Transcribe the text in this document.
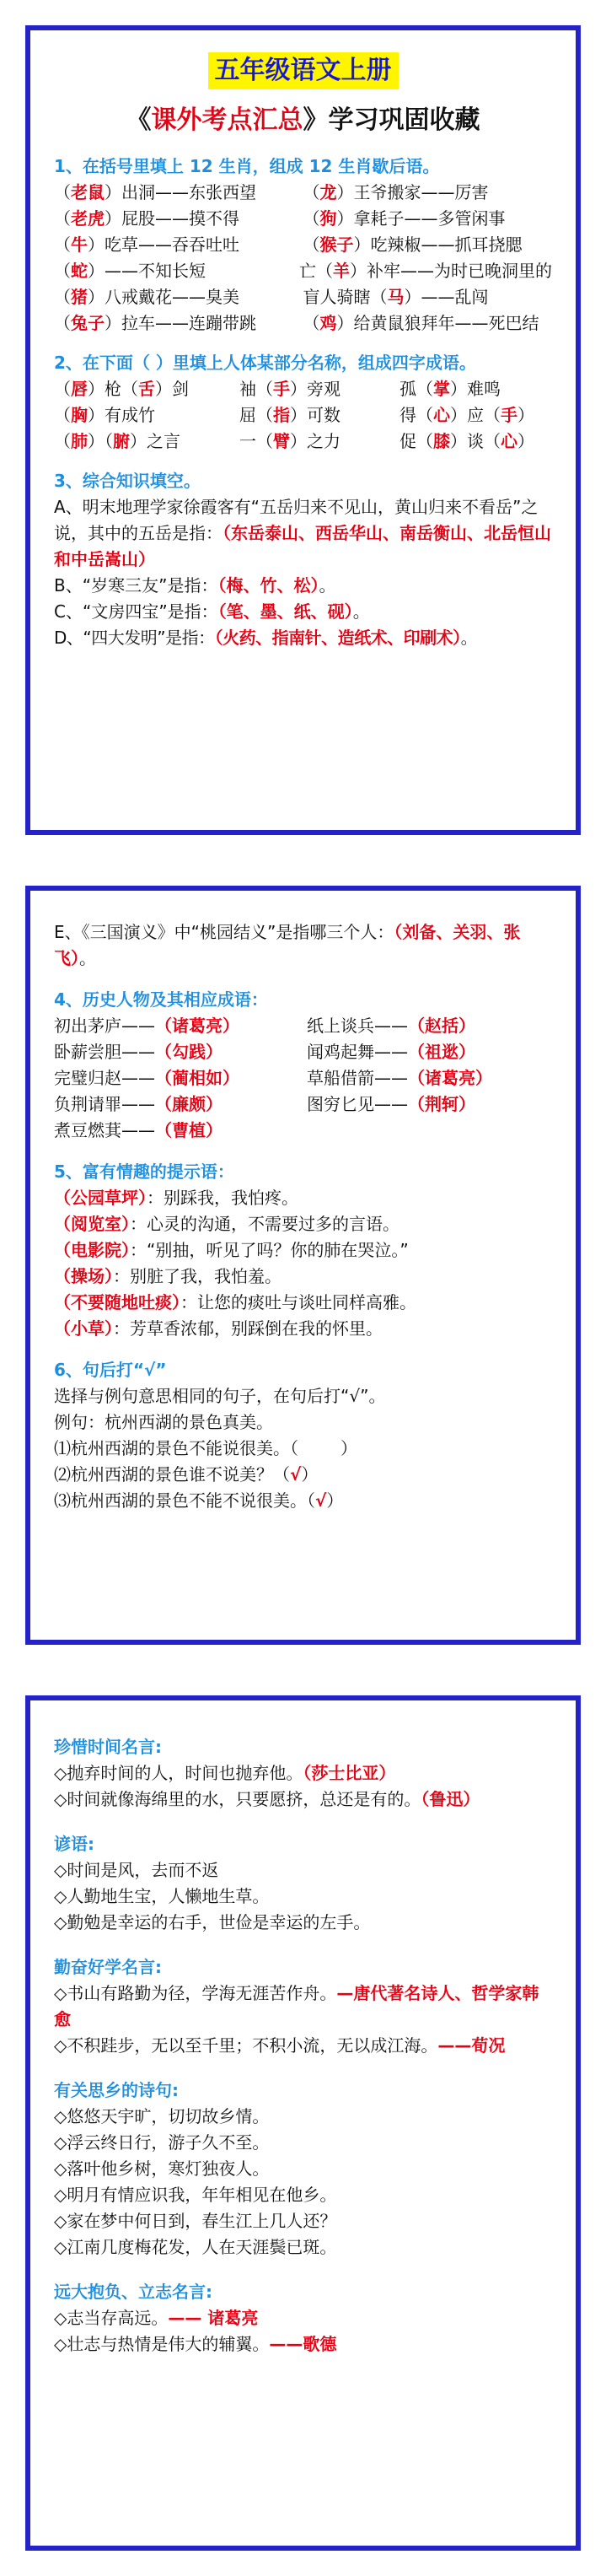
五年级语文上册
《课外考点汇总》学习巩固收藏
1、在括号里填上 12 生肖，组成 12 生肖歇后语。
（老鼠）出洞——东张西望	（龙）王爷搬家——厉害
（老虎）屁股——摸不得	（狗）拿耗子——多管闲事
（牛）吃草——吞吞吐吐	（猴子）吃辣椒——抓耳挠腮
（蛇）——不知长短	亡（羊）补牢——为时已晚洞里的
（猪）八戒戴花——臭美	盲人骑瞎（马）——乱闯
（兔子）拉车——连蹦带跳	（鸡）给黄鼠狼拜年——死巴结
2、在下面（ ）里填上人体某部分名称，组成四字成语。
（唇）枪（舌）剑	袖（手）旁观	孤（掌）难鸣
（胸）有成竹	屈（指）可数	得（心）应（手）
（肺）（腑）之言	一（臂）之力	促（膝）谈（心）
3、综合知识填空。
A、明末地理学家徐霞客有“五岳归来不见山，黄山归来不看岳”之说，其中的五岳是指：（东岳泰山、西岳华山、南岳衡山、北岳恒山和中岳嵩山）
B、“岁寒三友”是指：（梅、竹、松）。
C、“文房四宝”是指：（笔、墨、纸、砚）。
D、“四大发明”是指：（火药、指南针、造纸术、印刷术）。
E、《三国演义》中“桃园结义”是指哪三个人：（刘备、关羽、张飞）。
4、历史人物及其相应成语：
初出茅庐——（诸葛亮）	纸上谈兵——（赵括）
卧薪尝胆——（勾践）	闻鸡起舞——（祖逖）
完璧归赵——（蔺相如）	草船借箭——（诸葛亮）
负荆请罪——（廉颇）	图穷匕见——（荆轲）
煮豆燃萁——（曹植）
5、富有情趣的提示语：
（公园草坪）：别踩我，我怕疼。
（阅览室）：心灵的沟通，不需要过多的言语。
（电影院）：“别抽，听见了吗？你的肺在哭泣。”
（操场）：别脏了我，我怕羞。
（不要随地吐痰）：让您的痰吐与谈吐同样高雅。
（小草）：芳草香浓郁，别踩倒在我的怀里。
6、句后打“√”
选择与例句意思相同的句子，在句后打“√”。
例句：杭州西湖的景色真美。
⑴杭州西湖的景色不能说很美。（	）
⑵杭州西湖的景色谁不说美？（√）
⑶杭州西湖的景色不能不说很美。（√）
珍惜时间名言:
◇抛弃时间的人，时间也抛弃他。（莎士比亚）
◇时间就像海绵里的水，只要愿挤，总还是有的。（鲁迅）
谚语:
◇时间是风，去而不返
◇人勤地生宝，人懒地生草。
◇勤勉是幸运的右手，世俭是幸运的左手。
勤奋好学名言:
◇书山有路勤为径，学海无涯苦作舟。—唐代著名诗人、哲学家韩愈
◇不积跬步，无以至千里；不积小流，无以成江海。——荀况
有关思乡的诗句:
◇悠悠天宇旷，切切故乡情。
◇浮云终日行，游子久不至。
◇落叶他乡树，寒灯独夜人。
◇明月有情应识我，年年相见在他乡。
◇家在梦中何日到，春生江上几人还？
◇江南几度梅花发，人在天涯鬓已斑。
远大抱负、立志名言:
◇志当存高远。—— 诸葛亮
◇壮志与热情是伟大的辅翼。——歌德
